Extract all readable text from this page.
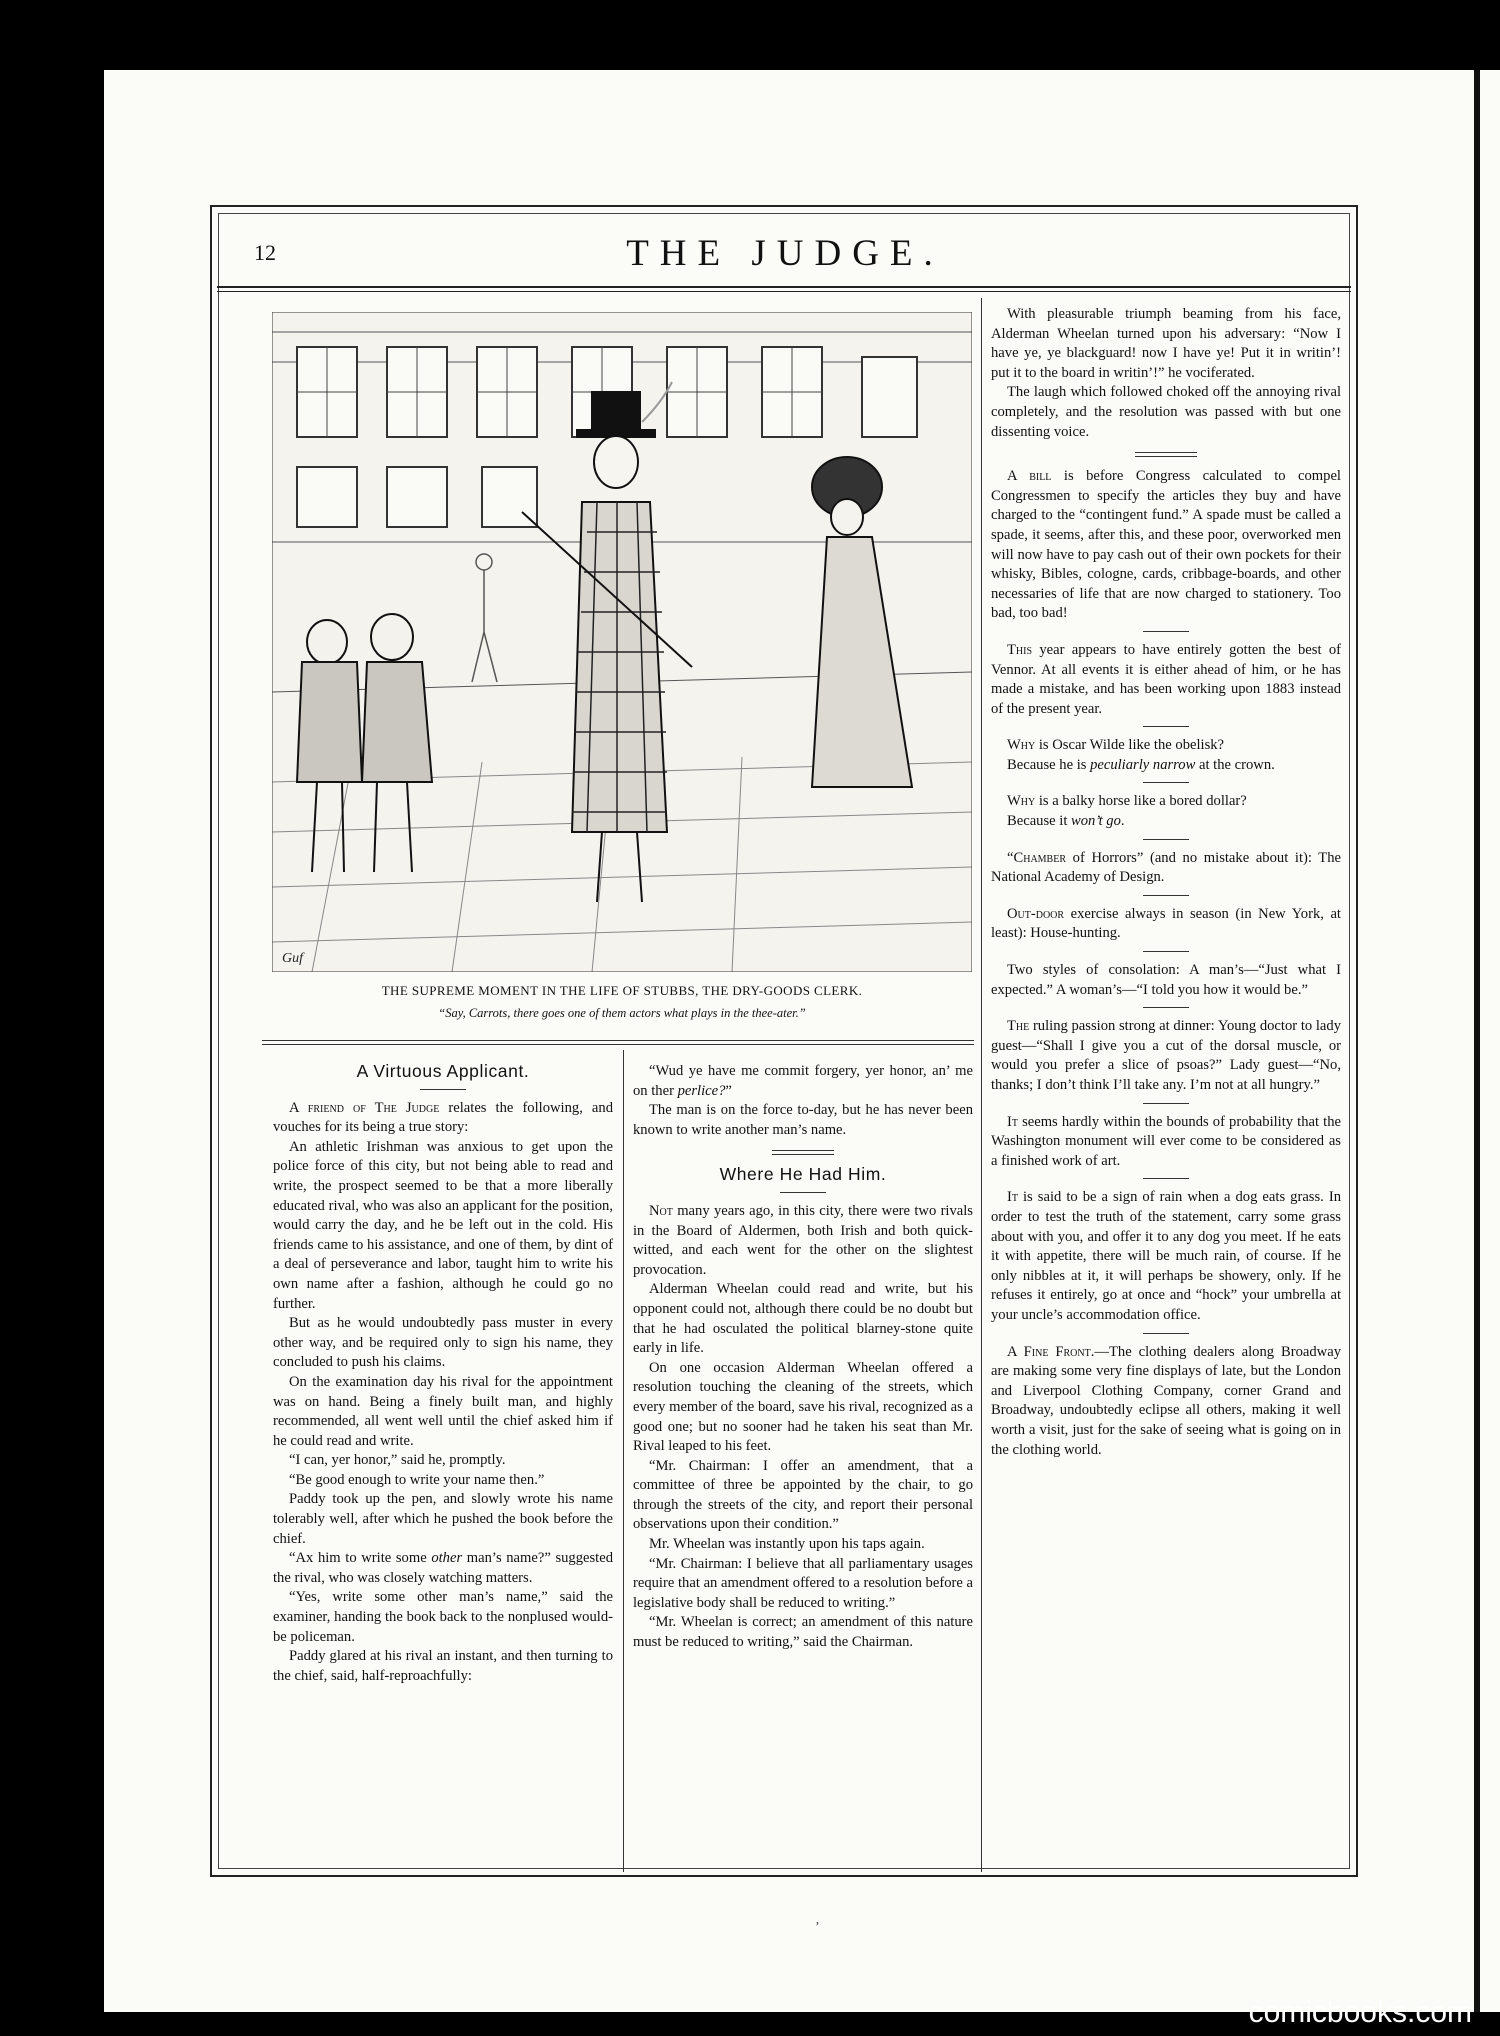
12	THE JUDGE.
Guf
THE SUPREME MOMENT IN THE LIFE OF STUBBS, THE DRY-GOODS CLERK.
“Say, Carrots, there goes one of them actors what plays in the thee-ater.”
A Virtuous Applicant.

A friend of The Judge relates the following, and vouches for its being a true story:

An athletic Irishman was anxious to get upon the police force of this city, but not being able to read and write, the prospect seemed to be that a more liberally educated rival, who was also an applicant for the position, would carry the day, and he be left out in the cold. His friends came to his assistance, and one of them, by dint of a deal of perseverance and labor, taught him to write his own name after a fashion, although he could go no further.

But as he would undoubtedly pass muster in every other way, and be required only to sign his name, they concluded to push his claims.

On the examination day his rival for the appointment was on hand. Being a finely built man, and highly recommended, all went well until the chief asked him if he could read and write.

“I can, yer honor,” said he, promptly.

“Be good enough to write your name then.”

Paddy took up the pen, and slowly wrote his name tolerably well, after which he pushed the book before the chief.

“Ax him to write some other man’s name?” suggested the rival, who was closely watching matters.

“Yes, write some other man’s name,” said the examiner, handing the book back to the nonplused would-be policeman.

Paddy glared at his rival an instant, and then turning to the chief, said, half-reproachfully:

“Wud ye have me commit forgery, yer honor, an’ me on ther perlice?”

The man is on the force to-day, but he has never been known to write another man’s name.

Where He Had Him.

Not many years ago, in this city, there were two rivals in the Board of Aldermen, both Irish and both quick-witted, and each went for the other on the slightest provocation.

Alderman Wheelan could read and write, but his opponent could not, although there could be no doubt but that he had osculated the political blarney-stone quite early in life.

On one occasion Alderman Wheelan offered a resolution touching the cleaning of the streets, which every member of the board, save his rival, recognized as a good one; but no sooner had he taken his seat than Mr. Rival leaped to his feet.

“Mr. Chairman: I offer an amendment, that a committee of three be appointed by the chair, to go through the streets of the city, and report their personal observations upon their condition.”

Mr. Wheelan was instantly upon his taps again.

“Mr. Chairman: I believe that all parliamentary usages require that an amendment offered to a resolution before a legislative body shall be reduced to writing.”

“Mr. Wheelan is correct; an amendment of this nature must be reduced to writing,” said the Chairman.

With pleasurable triumph beaming from his face, Alderman Wheelan turned upon his adversary: “Now I have ye, ye blackguard! now I have ye! Put it in writin’! put it to the board in writin’!” he vociferated.

The laugh which followed choked off the annoying rival completely, and the resolution was passed with but one dissenting voice.

A bill is before Congress calculated to compel Congressmen to specify the articles they buy and have charged to the “contingent fund.” A spade must be called a spade, it seems, after this, and these poor, overworked men will now have to pay cash out of their own pockets for their whisky, Bibles, cologne, cards, cribbage-boards, and other necessaries of life that are now charged to stationery. Too bad, too bad!

This year appears to have entirely gotten the best of Vennor. At all events it is either ahead of him, or he has made a mistake, and has been working upon 1883 instead of the present year.

Why is Oscar Wilde like the obelisk?

Because he is peculiarly narrow at the crown.

Why is a balky horse like a bored dollar?

Because it won’t go.

“Chamber of Horrors” (and no mistake about it): The National Academy of Design.

Out-door exercise always in season (in New York, at least): House-hunting.

Two styles of consolation: A man’s—“Just what I expected.” A woman’s—“I told you how it would be.”

The ruling passion strong at dinner: Young doctor to lady guest—“Shall I give you a cut of the dorsal muscle, or would you prefer a slice of psoas?” Lady guest—“No, thanks; I don’t think I’ll take any. I’m not at all hungry.”

It seems hardly within the bounds of probability that the Washington monument will ever come to be considered as a finished work of art.

It is said to be a sign of rain when a dog eats grass. In order to test the truth of the statement, carry some grass about with you, and offer it to any dog you meet. If he eats it with appetite, there will be much rain, of course. If he only nibbles at it, it will perhaps be showery, only. If he refuses it entirely, go at once and “hock” your umbrella at your uncle’s accommodation office.

A Fine Front.—The clothing dealers along Broadway are making some very fine displays of late, but the London and Liverpool Clothing Company, corner Grand and Broadway, undoubtedly eclipse all others, making it well worth a visit, just for the sake of seeing what is going on in the clothing world.

’
comicbooks.com
